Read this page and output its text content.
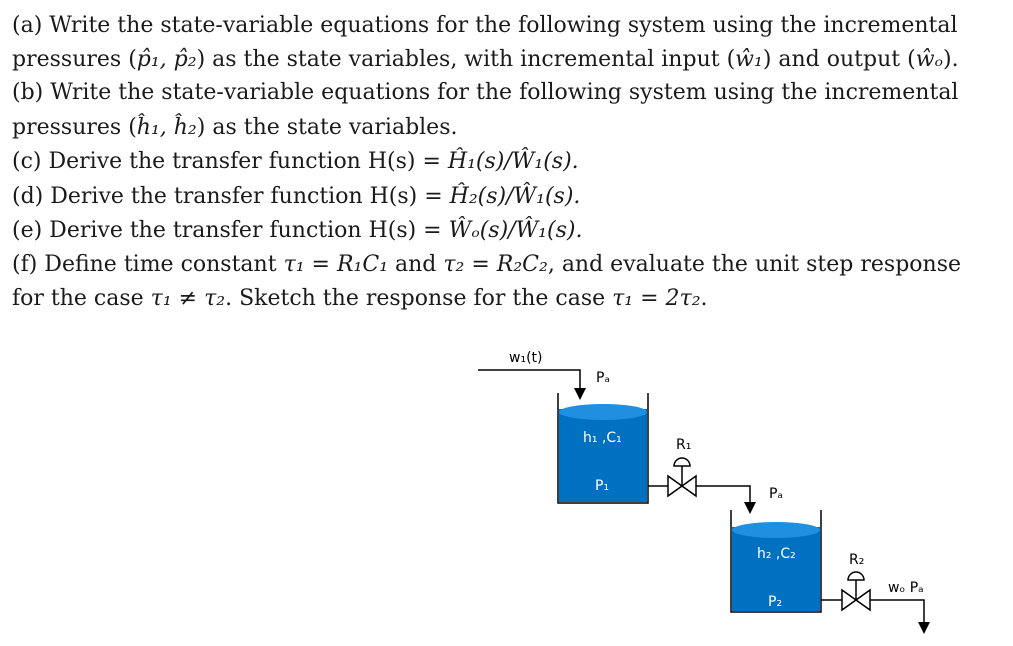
(a) Write the state-variable equations for the following system using the incremental
pressures (p̂₁, p̂₂) as the state variables, with incremental input (ŵ₁) and output (ŵₒ).
(b) Write the state-variable equations for the following system using the incremental
pressures (ĥ₁, ĥ₂) as the state variables.
(c) Derive the transfer function H(s) = Ĥ₁(s)/Ŵ₁(s).
(d) Derive the transfer function H(s) = Ĥ₂(s)/Ŵ₁(s).
(e) Derive the transfer function H(s) = Ŵₒ(s)/Ŵ₁(s).
(f) Define time constant τ₁ = R₁C₁ and τ₂ = R₂C₂, and evaluate the unit step response
for the case τ₁ ≠ τ₂. Sketch the response for the case τ₁ = 2τ₂.
w₁(t)
Pₐ
h₁ ,C₁
P₁
R₁
Pₐ
h₂ ,C₂
P₂
R₂
wₒ Pₐ
